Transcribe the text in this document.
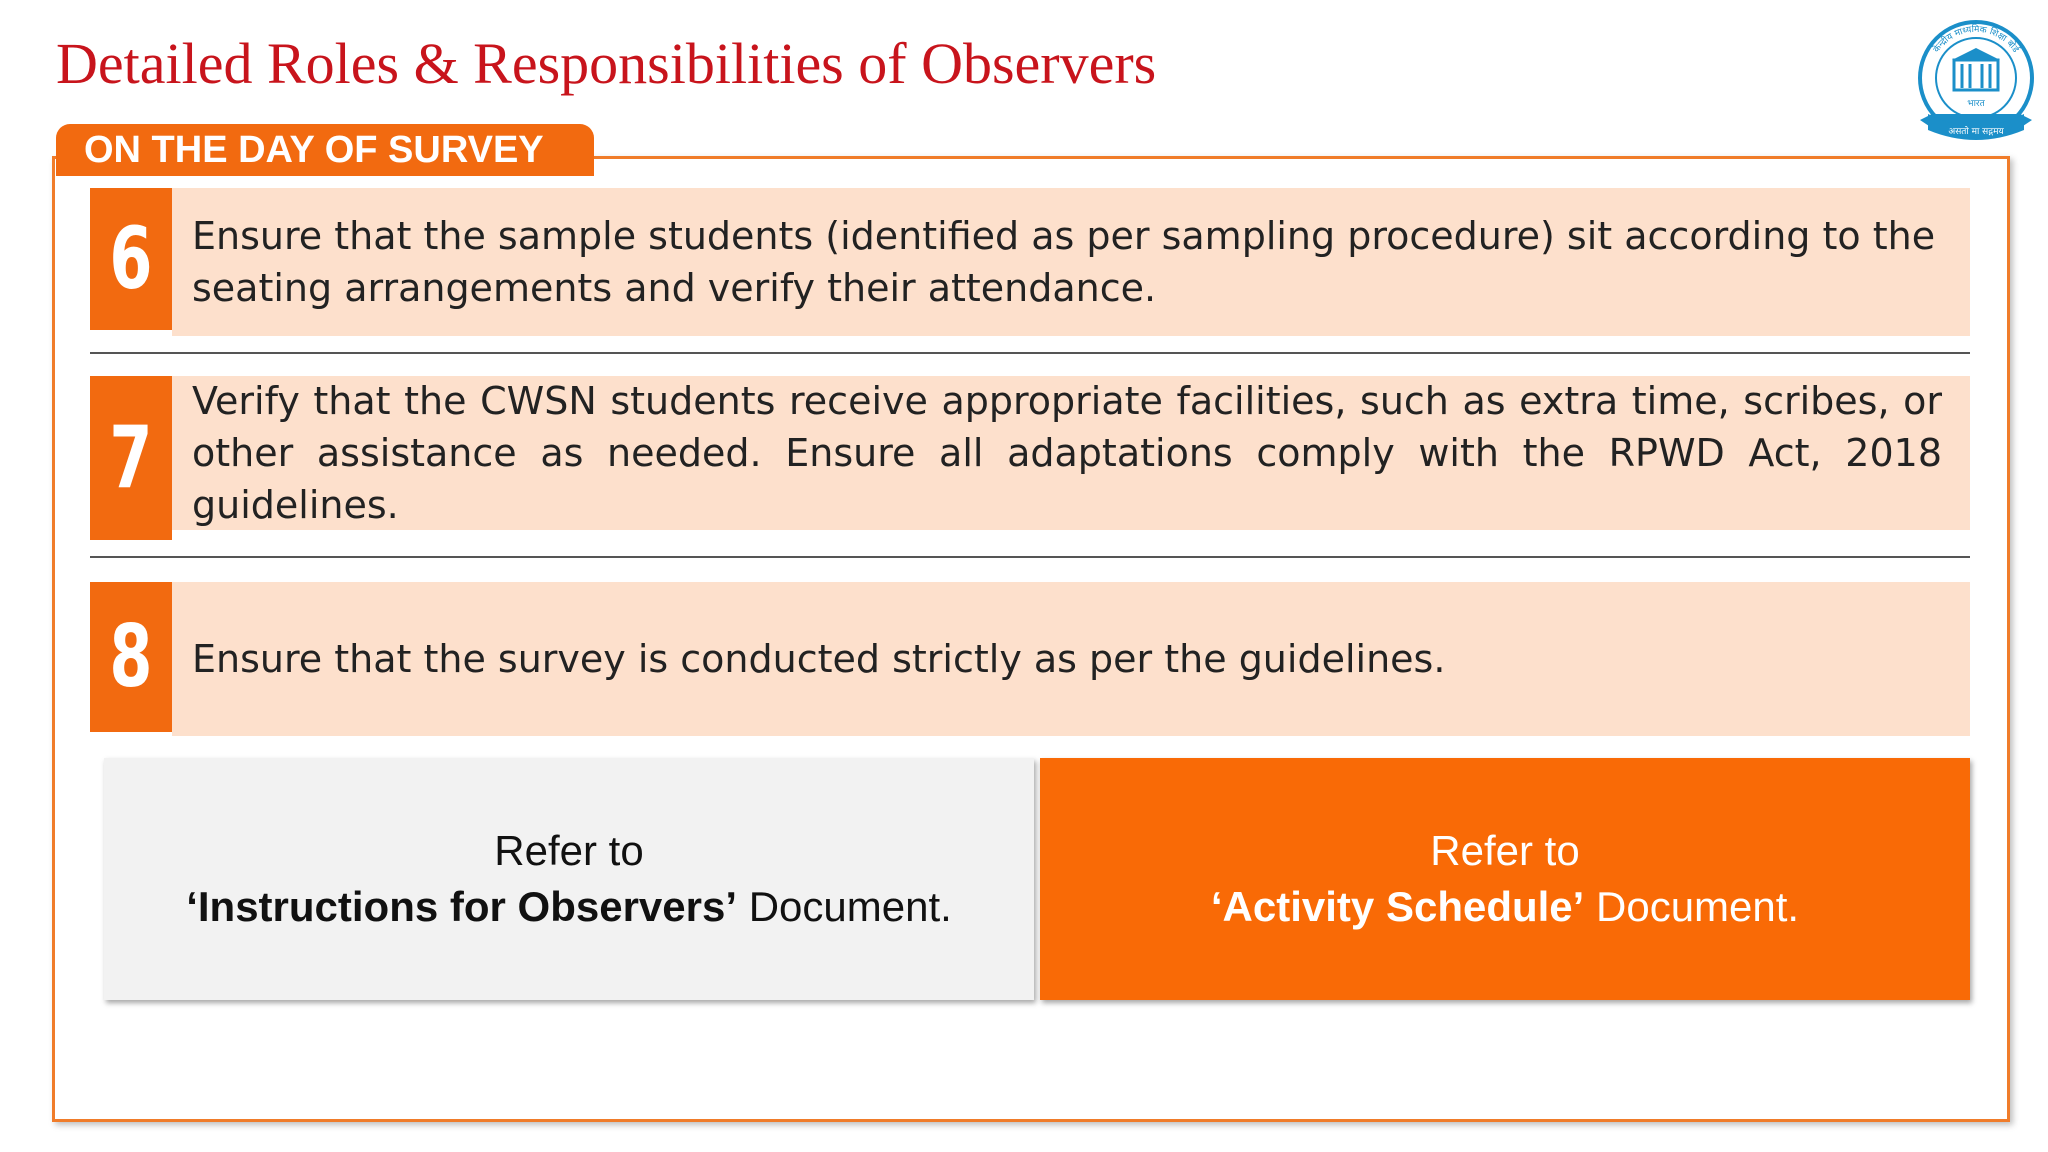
Detailed Roles & Responsibilities of Observers	केन्द्रीय माध्यमिक शिक्षा बोर्ड
भारत
असतो मा सद्गमय
ON THE DAY OF SURVEY
6 Ensure that the sample students (identified as per sampling procedure) sit according to the seating arrangements and verify their attendance.

7

Verify that the CWSN students receive appropriate facilities, such as extra time, scribes, or other assistance as needed. Ensure all adaptations comply with the RPWD Act, 2018 guidelines.

8 Ensure that the survey is conducted strictly as per the guidelines.

Refer to
‘Instructions for Observers’ Document.
Refer to
‘Activity Schedule’ Document.
